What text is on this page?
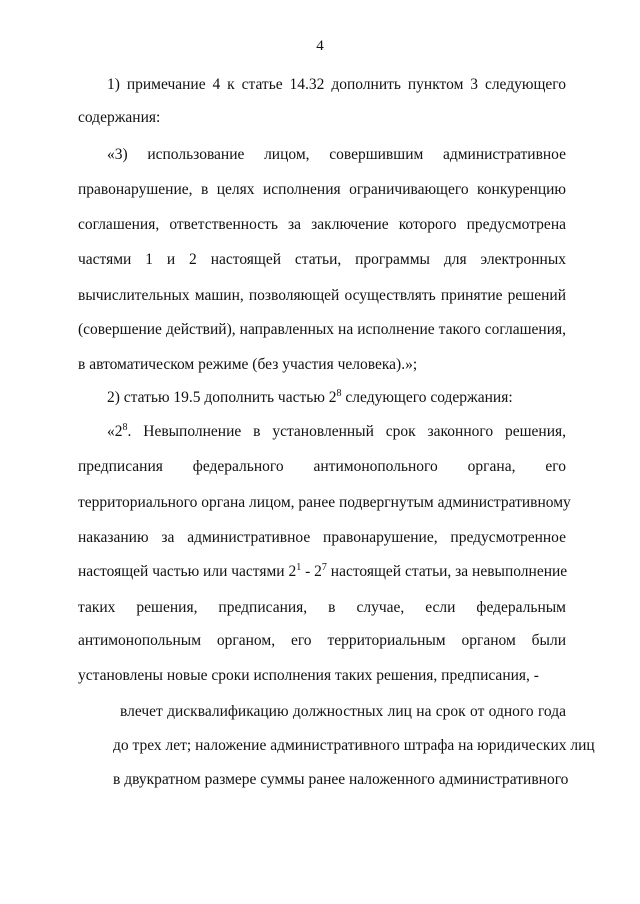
4
1) примечание 4 к статье 14.32 дополнить пунктом 3 следующего
содержания:
«3) использование лицом, совершившим административное
правонарушение, в целях исполнения ограничивающего конкуренцию
соглашения, ответственность за заключение которого предусмотрена
частями 1 и 2 настоящей статьи, программы для электронных
вычислительных машин, позволяющей осуществлять принятие решений
(совершение действий), направленных на исполнение такого соглашения,
в автоматическом режиме (без участия человека).»;
2) статью 19.5 дополнить частью $2^8$ следующего содержания:
«$2^8$. Невыполнение в установленный срок законного решения,
предписания федерального антимонопольного органа, его
территориального органа лицом, ранее подвергнутым административному
наказанию за административное правонарушение, предусмотренное
настоящей частью или частями $2^1 - 2^7$ настоящей статьи, за невыполнение
таких решения, предписания, в случае, если федеральным
антимонопольным органом, его территориальным органом были
установлены новые сроки исполнения таких решения, предписания, -
влечет дисквалификацию должностных лиц на срок от одного года
до трех лет; наложение административного штрафа на юридических лиц
в двукратном размере суммы ранее наложенного административного
